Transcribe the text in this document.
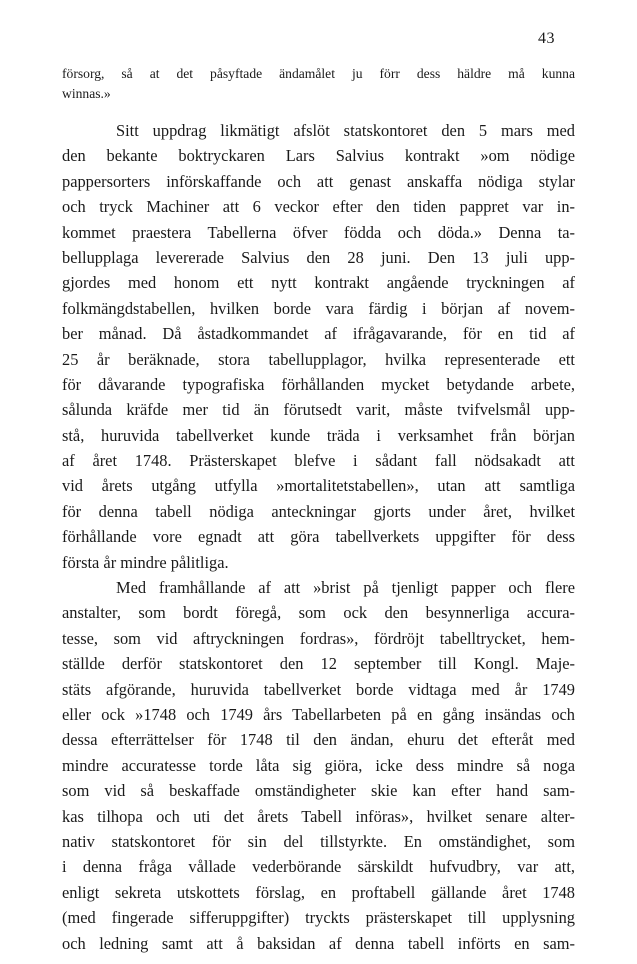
43
försorg, så at det påsyftade ändamålet ju förr dess häldre må kunna
winnas.»
Sitt uppdrag likmätigt afslöt statskontoret den 5 mars med
den bekante boktryckaren Lars Salvius kontrakt »om nödige
pappersorters införskaffande och att genast anskaffa nödiga stylar
och tryck Machiner att 6 veckor efter den tiden pappret var in-
kommet praestera Tabellerna öfver födda och döda.» Denna ta-
bellupplaga levererade Salvius den 28 juni. Den 13 juli upp-
gjordes med honom ett nytt kontrakt angående tryckningen af
folkmängdstabellen, hvilken borde vara färdig i början af novem-
ber månad. Då åstadkommandet af ifrågavarande, för en tid af
25 år beräknade, stora tabellupplagor, hvilka representerade ett
för dåvarande typografiska förhållanden mycket betydande arbete,
sålunda kräfde mer tid än förutsedt varit, måste tvifvelsmål upp-
stå, huruvida tabellverket kunde träda i verksamhet från början
af året 1748. Prästerskapet blefve i sådant fall nödsakadt att
vid årets utgång utfylla »mortalitetstabellen», utan att samtliga
för denna tabell nödiga anteckningar gjorts under året, hvilket
förhållande vore egnadt att göra tabellverkets uppgifter för dess
första år mindre pålitliga.
Med framhållande af att »brist på tjenligt papper och flere
anstalter, som bordt föregå, som ock den besynnerliga accura-
tesse, som vid aftryckningen fordras», fördröjt tabelltrycket, hem-
ställde derför statskontoret den 12 september till Kongl. Maje-
stäts afgörande, huruvida tabellverket borde vidtaga med år 1749
eller ock »1748 och 1749 års Tabellarbeten på en gång insändas och
dessa efterrättelser för 1748 til den ändan, ehuru det efteråt med
mindre accuratesse torde låta sig giöra, icke dess mindre så noga
som vid så beskaffade omständigheter skie kan efter hand sam-
kas tilhopa och uti det årets Tabell införas», hvilket senare alter-
nativ statskontoret för sin del tillstyrkte. En omständighet, som
i denna fråga vållade vederbörande särskildt hufvudbry, var att,
enligt sekreta utskottets förslag, en proftabell gällande året 1748
(med fingerade sifferuppgifter) tryckts prästerskapet till upplysning
och ledning samt att å baksidan af denna tabell införts en sam-
